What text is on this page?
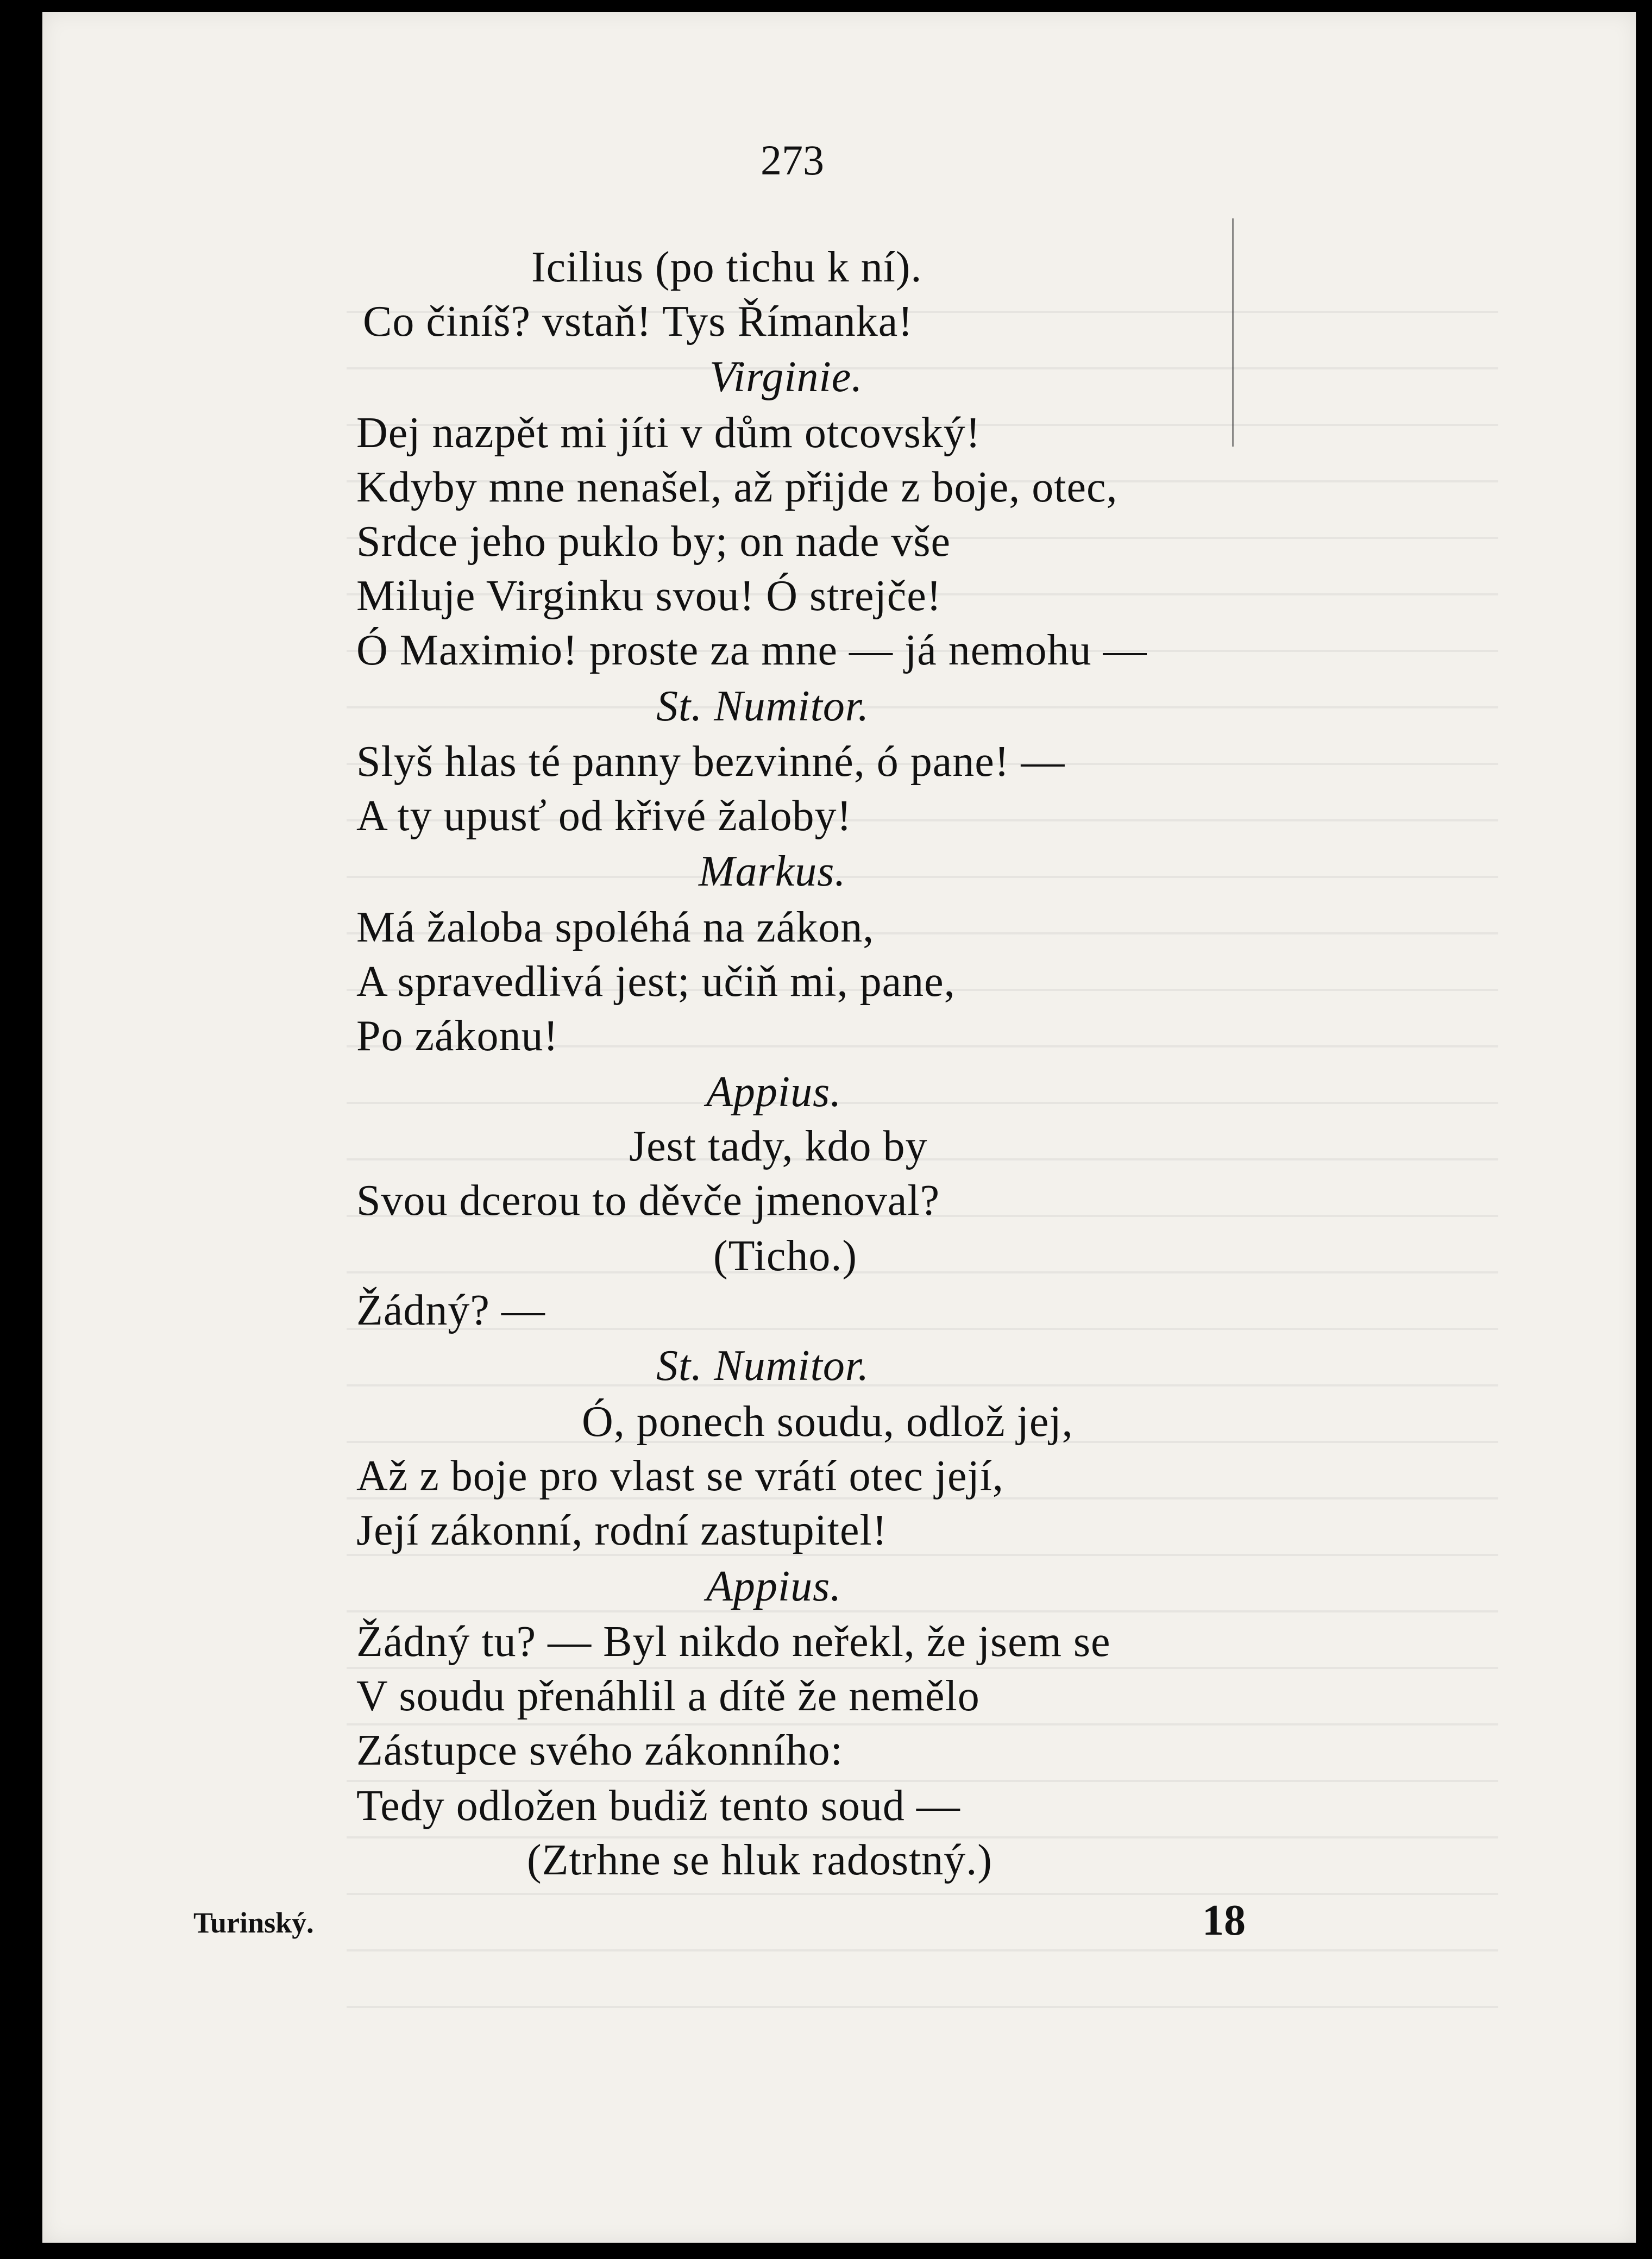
273
Icilius (po tichu k ní).
Co činíš? vstaň! Tys Římanka!
Virginie.
Dej nazpět mi jíti v dům otcovský!
Kdyby mne nenašel, až přijde z boje, otec,
Srdce jeho puklo by; on nade vše
Miluje Virginku svou! Ó strejče!
Ó Maximio! proste za mne — já nemohu —
St. Numitor.
Slyš hlas té panny bezvinné, ó pane! —
A ty upusť od křivé žaloby!
Markus.
Má žaloba spoléhá na zákon,
A spravedlivá jest; učiň mi, pane,
Po zákonu!
Appius.
Jest tady, kdo by
Svou dcerou to děvče jmenoval?
(Ticho.)
Žádný? —
St. Numitor.
Ó, ponech soudu, odlož jej,
Až z boje pro vlast se vrátí otec její,
Její zákonní, rodní zastupitel!
Appius.
Žádný tu? — Byl nikdo neřekl, že jsem se
V soudu přenáhlil a dítě že nemělo
Zástupce svého zákonního:
Tedy odložen budiž tento soud —
(Ztrhne se hluk radostný.)
Turinský.	18
